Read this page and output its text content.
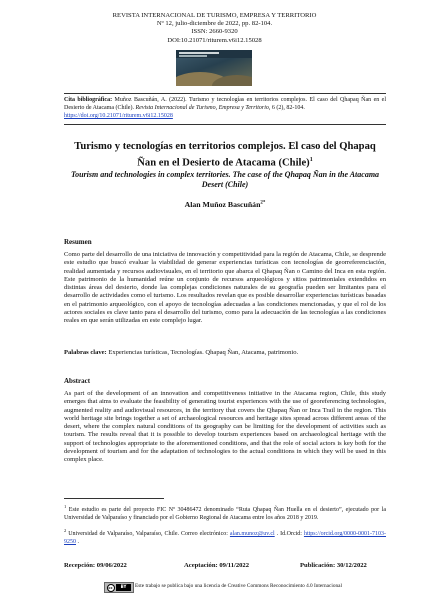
REVISTA INTERNACIONAL DE TURISMO, EMPRESA Y TERRITORIO
Nº 12, julio-diciembre de 2022, pp. 82-104.
ISSN: 2660-9320
DOI:10.21071/riturem.v6i12.15028
Cita bibliográfica: Muñoz Bascuñán, A. (2022). Turismo y tecnologías en territorios complejos. El caso del Qhapaq Ñan en el Desierto de Atacama (Chile). Revista Internacional de Turismo, Empresa y Territorio, 6 (2), 82-104.
https://doi.org/10.21071/riturem.v6i12.15028
Turismo y tecnologías en territorios complejos. El caso del Qhapaq Ñan en el Desierto de Atacama (Chile)$^1$
Tourism and technologies in complex territories. The case of the Qhapaq Ñan in the Atacama Desert (Chile)
Alan Muñoz Bascuñán$^{2*}$
Resumen
Como parte del desarrollo de una iniciativa de innovación y competitividad para la región de Atacama, Chile, se desprende este estudio que buscó evaluar la viabilidad de generar experiencias turísticas con tecnologías de georreferenciación, realidad aumentada y recursos audiovisuales, en el territorio que abarca el Qhapaq Ñan o Camino del Inca en esta región. Este patrimonio de la humanidad reúne un conjunto de recursos arqueológicos y sitios patrimoniales extendidos en distintas áreas del desierto, donde las complejas condiciones naturales de su geografía pueden ser limitantes para el desarrollo de actividades como el turismo. Los resultados revelan que es posible desarrollar experiencias turísticas basadas en el patrimonio arqueológico, con el apoyo de tecnologías adecuadas a las condiciones mencionadas, y que el rol de los actores sociales es clave tanto para el desarrollo del turismo, como para la adecuación de las tecnologías a las condiciones reales en que serán utilizadas en este complejo lugar.
Palabras clave: Experiencias turísticas, Tecnologías. Qhapaq Ñan, Atacama, patrimonio.
Abstract
As part of the development of an innovation and competitiveness initiative in the Atacama region, Chile, this study emerges that aims to evaluate the feasibility of generating tourist experiences with the use of georeferencing technologies, augmented reality and audiovisual resources, in the territory that covers the Qhapaq Ñan or Inca Trail in the region. This world heritage site brings together a set of archaeological resources and heritage sites spread across different areas of the desert, where the complex natural conditions of its geography can be limiting for the development of activities such as tourism. The results reveal that it is possible to develop tourism experiences based on archaeological heritage with the support of technologies appropriate to the aforementioned conditions, and that the role of social actors is key both for the development of tourism and for the adaptation of technologies to the actual conditions in which they will be used in this complex place.
$^1$ Este estudio es parte del proyecto FIC Nº 30486472 denominado “Ruta Qhapaq Ñan Huella en el desierto”, ejecutado por la Universidad de Valparaíso y financiado por el Gobierno Regional de Atacama entre los años 2018 y 2019.
$^2$ Universidad de Valparaíso, Valparaíso, Chile. Correo electrónico: alan.munoz@uv.cl . Id.Orcid: https://orcid.org/0000-0001-7103-9250 .
Recepción: 09/06/2022	Aceptación: 09/11/2022	Publicación: 30/12/2022
cc	BY	Este trabajo se publica bajo una licencia de Creative Commons Reconocimiento 4.0 Internacional
